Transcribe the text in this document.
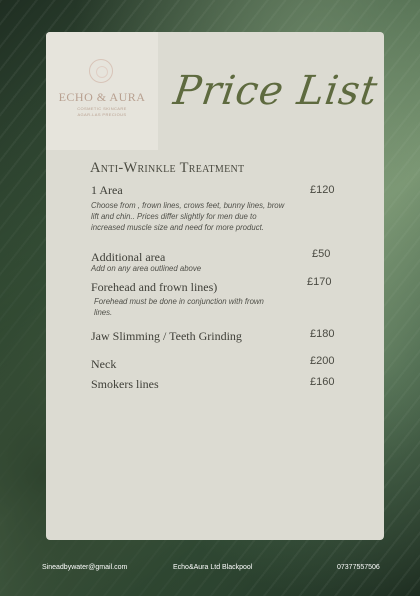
ECHO & AURA
COSMETIC SKINCARE
AGAR-LAS PRECIOUS
Price List
Anti-Wrinkle Treatment
1 Area	£120
Choose from , frown lines, crows feet, bunny lines, brow lift and chin.. Prices differ slightly for men due to increased muscle size and need for more product.
Additional area	£50
Add on any area outlined above
Forehead and frown lines)	£170
Forehead must be done in conjunction with frown lines.
Jaw Slimming / Teeth Grinding	£180
Neck	£200
Smokers lines	£160
Sineadbywater@gmail.com	Echo&Aura Ltd Blackpool	07377557506
